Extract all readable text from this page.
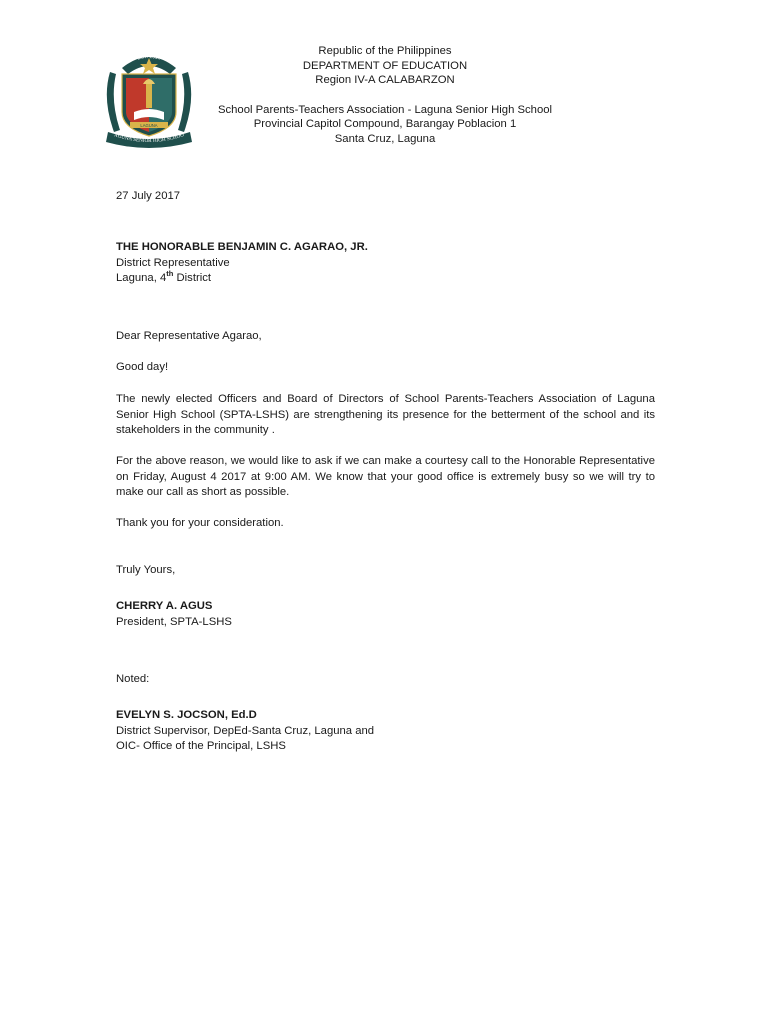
EST. 2016
LAGUNA
AGUNA SENIOR HIGH SCHOO
Republic of the Philippines
DEPARTMENT OF EDUCATION
Region IV-A CALABARZON
School Parents-Teachers Association - Laguna Senior High School
Provincial Capitol Compound, Barangay Poblacion 1
Santa Cruz, Laguna

27 July 2017

THE HONORABLE BENJAMIN C. AGARAO, JR.

District Representative

Laguna, 4th District

Dear Representative Agarao,

Good day!

The newly elected Officers and Board of Directors of School Parents-Teachers Association of Laguna Senior High School (SPTA-LSHS) are strengthening its presence for the betterment of the school and its stakeholders in the community .

For the above reason, we would like to ask if we can make a courtesy call to the Honorable Representative on Friday, August 4 2017 at 9:00 AM. We know that your good office is extremely busy so we will try to make our call as short as possible.

Thank you for your consideration.

Truly Yours,

CHERRY A. AGUS

President, SPTA-LSHS

Noted:

EVELYN S. JOCSON, Ed.D

District Supervisor, DepEd-Santa Cruz, Laguna and

OIC- Office of the Principal, LSHS
